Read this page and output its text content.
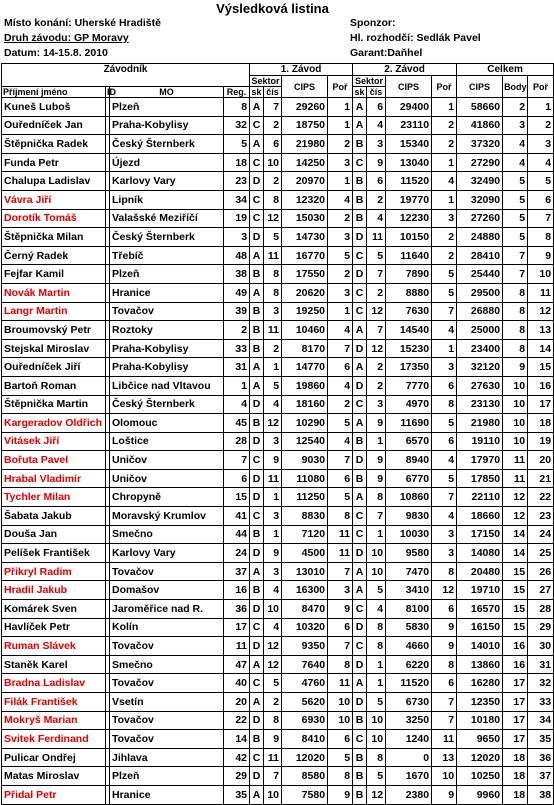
Výsledková listina
Místo konání: Uherské Hradiště
Druh závodu: GP Moravy
Datum: 14-15.8. 2010
Sponzor:
Hl. rozhodčí: Sedlák Pavel
Garant:Daňhel
Závodník				1. Závod				2. Závod				Celkem		
				Sektor		CIPS	Poř	Sektor		CIPS	Poř	CIPS	Body	Poř
Příjmení jméno	ID	MO	Reg.	sk	čís			sk	čís					
Kuneš Luboš		Plzeň	8	A	7	29260	1	A	6	29400	1	58660	2	1
Ouředníček Jan		Praha-Kobylisy	32	C	2	18750	1	A	4	23110	2	41860	3	2
Štěpnička Radek		Český Šternberk	5	A	6	21980	2	B	3	15340	2	37320	4	3
Funda Petr		Újezd	18	C	10	14250	3	C	9	13040	1	27290	4	4
Chalupa Ladislav		Karlovy Vary	23	D	2	20970	1	B	6	11520	4	32490	5	5
Vávra Jiří		Lipník	34	C	8	12320	4	B	2	19770	1	32090	5	6
Dorotík Tomáš		Valašské Meziříčí	19	C	12	15030	2	B	4	12230	3	27260	5	7
Štěpnička Milan		Český Šternberk	3	D	5	14730	3	D	11	10150	2	24880	5	8
Černý Radek		Třebíč	48	A	11	16770	5	C	5	11640	2	28410	7	9
Fejfar Kamil		Plzeň	38	B	8	17550	2	D	7	7890	5	25440	7	10
Novák Martin		Hranice	49	A	8	20620	3	C	2	8880	5	29500	8	11
Langr Martin		Tovačov	39	B	3	19250	1	C	12	7630	7	26880	8	12
Broumovský Petr		Roztoky	2	B	11	10460	4	A	7	14540	4	25000	8	13
Stejskal Miroslav		Praha-Kobylisy	33	B	2	8170	7	D	12	15230	1	23400	8	14
Ouředníček Jiří		Praha-Kobylisy	31	A	1	14770	6	A	2	17350	3	32120	9	15
Bartoň Roman		Libčice nad Vltavou	1	A	5	19860	4	D	2	7770	6	27630	10	16
Štěpnička Martin		Český Šternberk	4	D	4	18160	2	C	3	4970	8	23130	10	17
Kargeradov Oldřich		Olomouc	45	B	12	10290	5	A	9	11690	5	21980	10	18
Vitásek Jiří		Loštice	28	D	3	12540	4	B	1	6570	6	19110	10	19
Bořuta Pavel		Uničov	7	C	9	9030	7	D	9	8940	4	17970	11	20
Hrabal Vladimír		Uničov	6	D	11	11080	6	B	9	6770	5	17850	11	21
Tychler Milan		Chropyně	15	D	1	11250	5	A	8	10860	7	22110	12	22
Šabata Jakub		Moravský Krumlov	41	C	3	8830	8	C	7	9830	4	18660	12	23
Douša Jan		Smečno	44	B	1	7120	11	C	1	10030	3	17150	14	24
Pelíšek František		Karlovy Vary	24	D	9	4500	11	D	10	9580	3	14080	14	25
Přikryl Radim		Tovačov	37	A	3	13010	7	A	10	7470	8	20480	15	26
Hradil Jakub		Domašov	16	B	4	16300	3	A	5	3410	12	19710	15	27
Komárek Sven		Jaroměřice nad R.	36	D	10	8470	9	C	4	8100	6	16570	15	28
Havlíček Petr		Kolín	17	C	4	10320	6	D	8	5830	9	16150	15	29
Ruman Slávek		Tovačov	11	D	12	9350	7	C	8	4660	9	14010	16	30
Staněk Karel		Smečno	47	A	12	7640	8	D	1	6220	8	13860	16	31
Bradna Ladislav		Tovačov	40	C	5	4760	11	A	1	11520	6	16280	17	32
Filák František		Vsetín	20	A	2	5620	10	D	5	6730	7	12350	17	33
Mokryš Marian		Tovačov	22	D	8	6930	10	B	10	3250	7	10180	17	34
Svitek Ferdinand		Tovačov	14	B	9	8410	6	C	10	1240	11	9650	17	35
Pulicar Ondřej		Jihlava	42	C	11	12020	5	B	8	0	13	12020	18	36
Matas Miroslav		Plzeň	29	D	7	8580	8	B	5	1670	10	10250	18	37
Přidal Petr		Hranice	35	A	10	7580	9	B	12	2380	9	9960	18	38
